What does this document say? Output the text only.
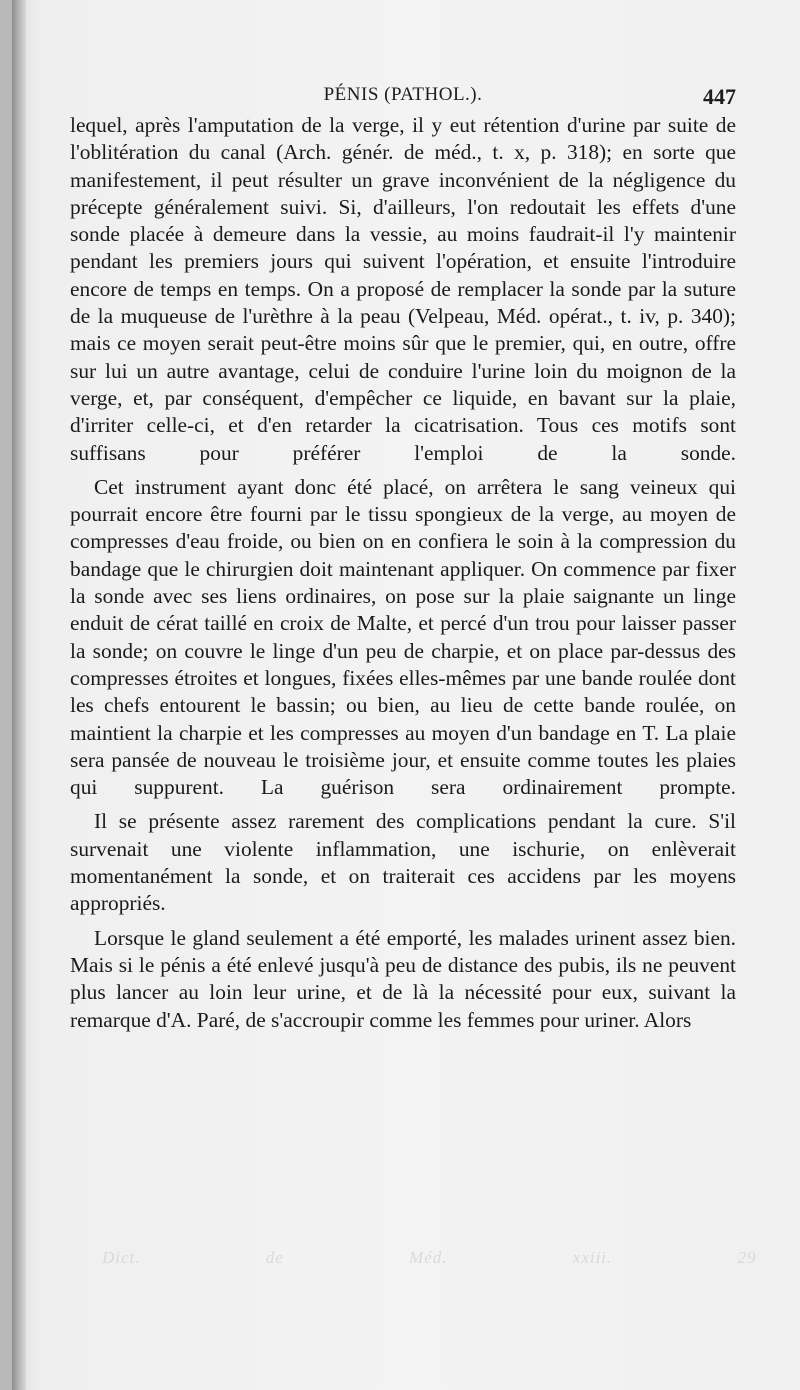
PÉNIS (PATHOL.).	447

lequel, après l'amputation de la verge, il y eut rétention d'urine par suite de l'oblitération du canal (Arch. génér. de méd., t. x, p. 318); en sorte que manifestement, il peut résulter un grave inconvénient de la négligence du précepte généralement suivi. Si, d'ailleurs, l'on redoutait les effets d'une sonde placée à demeure dans la vessie, au moins faudrait-il l'y maintenir pendant les premiers jours qui suivent l'opération, et ensuite l'introduire encore de temps en temps. On a proposé de remplacer la sonde par la suture de la muqueuse de l'urèthre à la peau (Velpeau, Méd. opérat., t. iv, p. 340); mais ce moyen serait peut-être moins sûr que le premier, qui, en outre, offre sur lui un autre avantage, celui de conduire l'urine loin du moignon de la verge, et, par conséquent, d'empêcher ce liquide, en bavant sur la plaie, d'irriter celle-ci, et d'en retarder la cicatrisation. Tous ces motifs sont suffisans pour préférer l'emploi de la sonde.

Cet instrument ayant donc été placé, on arrêtera le sang veineux qui pourrait encore être fourni par le tissu spongieux de la verge, au moyen de compresses d'eau froide, ou bien on en confiera le soin à la compression du bandage que le chirurgien doit maintenant appliquer. On commence par fixer la sonde avec ses liens ordinaires, on pose sur la plaie saignante un linge enduit de cérat taillé en croix de Malte, et percé d'un trou pour laisser passer la sonde; on couvre le linge d'un peu de charpie, et on place par-dessus des compresses étroites et longues, fixées elles-mêmes par une bande roulée dont les chefs entourent le bassin; ou bien, au lieu de cette bande roulée, on maintient la charpie et les compresses au moyen d'un bandage en T. La plaie sera pansée de nouveau le troisième jour, et ensuite comme toutes les plaies qui suppurent. La guérison sera ordinairement prompte.

Il se présente assez rarement des complications pendant la cure. S'il survenait une violente inflammation, une ischurie, on enlèverait momentanément la sonde, et on traiterait ces accidens par les moyens appropriés.

Lorsque le gland seulement a été emporté, les malades urinent assez bien. Mais si le pénis a été enlevé jusqu'à peu de distance des pubis, ils ne peuvent plus lancer au loin leur urine, et de là la nécessité pour eux, suivant la remarque d'A. Paré, de s'accroupir comme les femmes pour uriner. Alors

Dict. de Méd. xxiii. 29
